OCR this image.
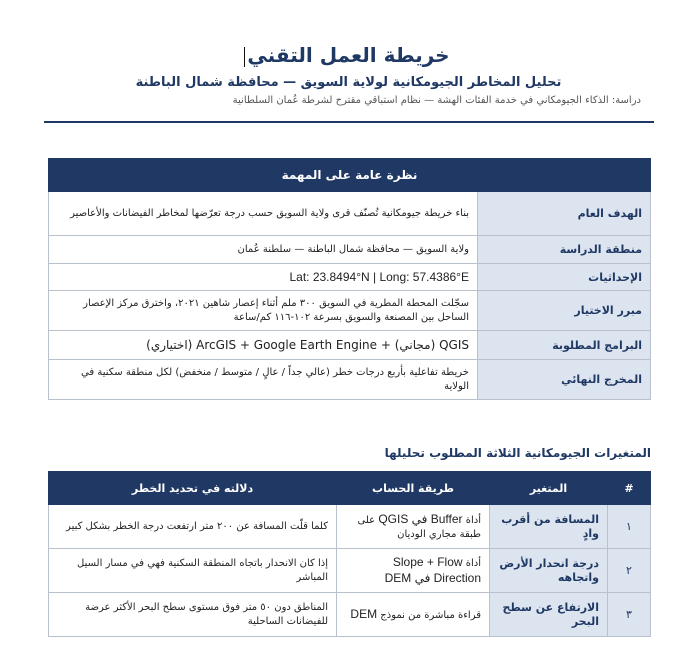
خريطة العمل التقني
تحليل المخاطر الجيومكانية لولاية السويق — محافظة شمال الباطنة
دراسة: الذكاء الجيومكاني في خدمة الفئات الهشة — نظام استباقي مقترح لشرطة عُمان السلطانية
نظرة عامة على المهمة	
الهدف العام	بناء خريطة جيومكانية تُصنّف قرى ولاية السويق حسب درجة تعرّضها لمخاطر الفيضانات والأعاصير
منطقة الدراسة	ولاية السويق — محافظة شمال الباطنة — سلطنة عُمان
الإحداثيات	Lat: 23.8494°N | Long: 57.4386°E
مبرر الاختيار	سجّلت المحطة المطرية في السويق ٣٠٠ ملم أثناء إعصار شاهين ٢٠٢١، واخترق مركز الإعصار الساحل بين المصنعة والسويق بسرعة ١٠٢-١١٦ كم/ساعة
البرامج المطلوبة	QGIS (مجاني) + ArcGIS + Google Earth Engine (اختياري)
المخرج النهائي	خريطة تفاعلية بأربع درجات خطر (عالي جداً / عالٍ / متوسط / منخفض) لكل منطقة سكنية في الولاية
المتغيرات الجيومكانية الثلاثة المطلوب تحليلها
#	المتغير	طريقة الحساب	دلالته في تحديد الخطر
١	المسافة من أقرب وادٍ	أداة Buffer في QGIS على طبقة مجاري الوديان	كلما قلّت المسافة عن ٢٠٠ متر ارتفعت درجة الخطر بشكل كبير
٢	درجة انحدار الأرض واتجاهه	أداة Slope + Flow Direction في DEM	إذا كان الانحدار باتجاه المنطقة السكنية فهي في مسار السيل المباشر
٣	الارتفاع عن سطح البحر	قراءة مباشرة من نموذج DEM	المناطق دون ٥٠ متر فوق مستوى سطح البحر الأكثر عرضة للفيضانات الساحلية
